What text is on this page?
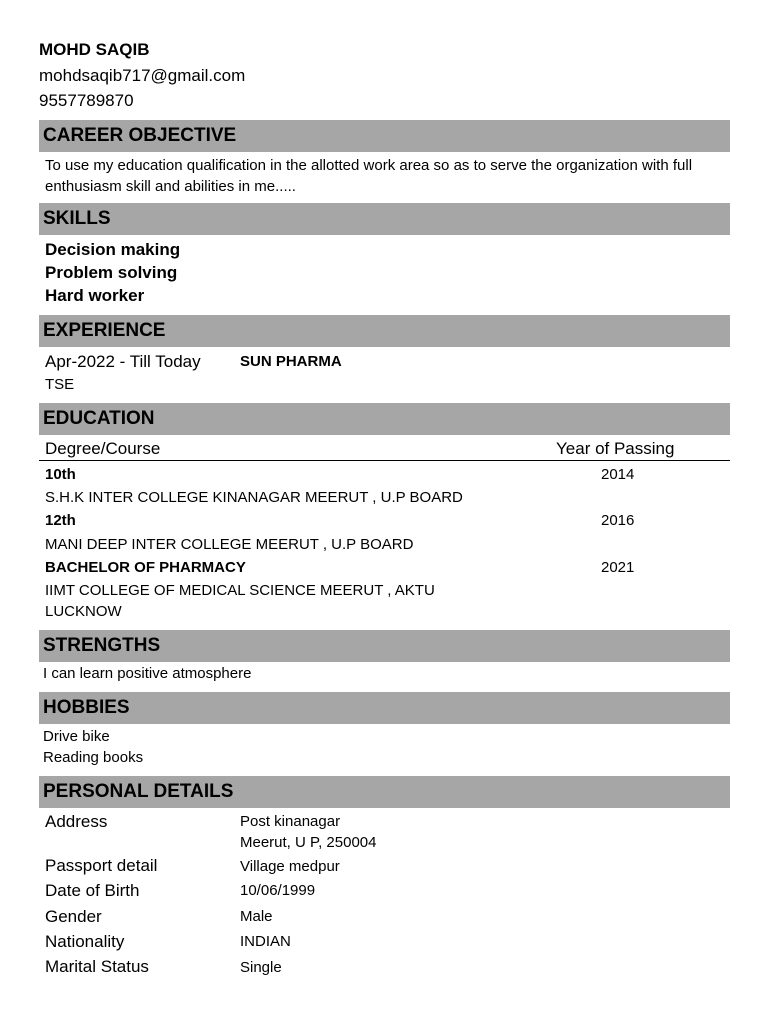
MOHD SAQIB
mohdsaqib717@gmail.com
9557789870
CAREER OBJECTIVE
To use my education qualification in the allotted work area so as to serve the organization with full enthusiasm skill and abilities in me.....
SKILLS
Decision making
Problem solving
Hard worker
EXPERIENCE
Apr-2022 - Till Today	SUN PHARMA
TSE
EDUCATION
Degree/Course	Year of Passing
10th	2014
S.H.K INTER COLLEGE KINANAGAR MEERUT , U.P BOARD
12th	2016
MANI DEEP INTER COLLEGE MEERUT , U.P BOARD
BACHELOR OF PHARMACY	2021
IIMT COLLEGE OF MEDICAL SCIENCE MEERUT , AKTU
LUCKNOW
STRENGTHS
I can learn positive atmosphere
HOBBIES
Drive bike
Reading books
PERSONAL DETAILS
Address	Post kinanagar
Meerut, U P, 250004
Passport detail	Village medpur
Date of Birth	10/06/1999
Gender	Male
Nationality	INDIAN
Marital Status	Single
